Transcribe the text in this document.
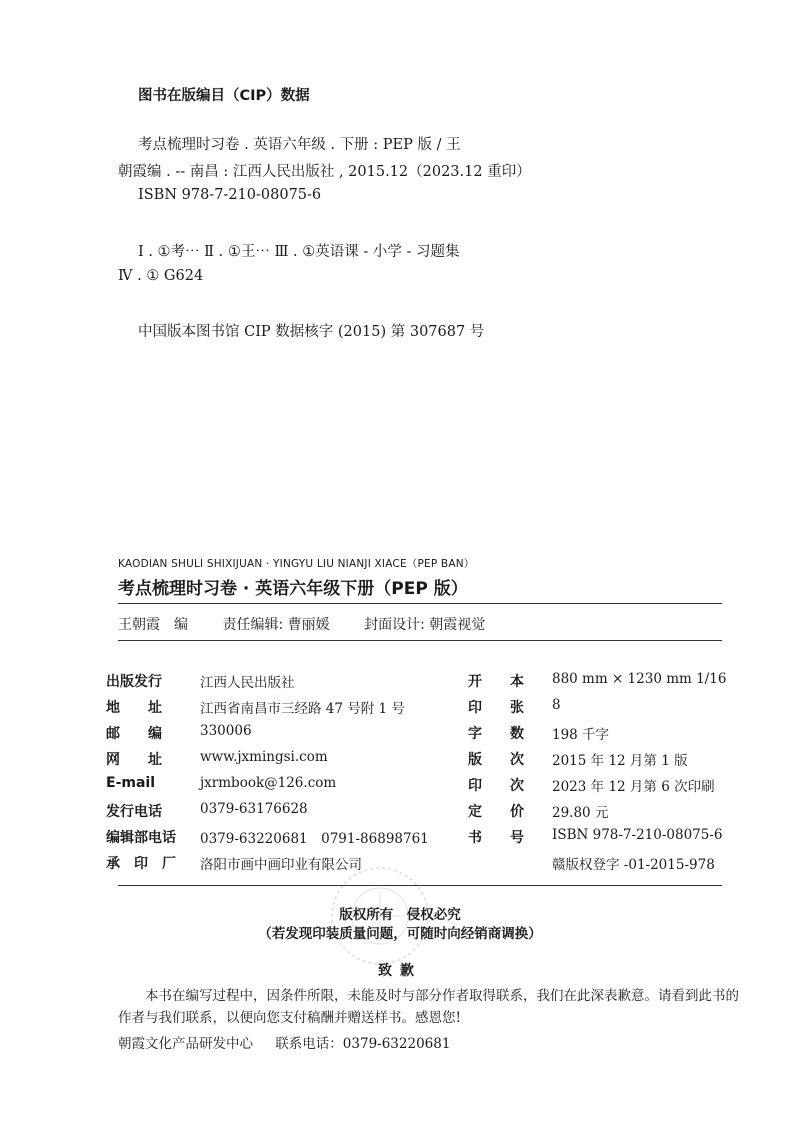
图书在版编目（CIP）数据
考点梳理时习卷 . 英语六年级 . 下册 : PEP 版 / 王
朝霞编 . -- 南昌 : 江西人民出版社 , 2015.12（2023.12 重印）
ISBN 978-7-210-08075-6
Ⅰ . ①考⋯ Ⅱ . ①王⋯ Ⅲ . ①英语课 - 小学 - 习题集
Ⅳ . ① G624
中国版本图书馆 CIP 数据核字 (2015) 第 307687 号
KAODIAN SHULI SHIXIJUAN · YINGYU LIU NIANJI XIACE（PEP BAN）
考点梳理时习卷 · 英语六年级下册（PEP 版）
王朝霞　编 责任编辑: 曹丽媛 封面设计: 朝霞视觉
出版发行	江西人民出版社	开　　本 880 mm × 1230 mm 1/16
地　　址	江西省南昌市三经路 47 号附 1 号	印　　张 8
邮　　编	330006	字　　数 198 千字
网　　址	www.jxmingsi.com	版　　次 2015 年 12 月第 1 版
E-mail	jxrmbook@126.com	印　　次 2023 年 12 月第 6 次印刷
发行电话	0379-63176628	定　　价 29.80 元
编辑部电话	0379-63220681　0791-86898761	书　　号 ISBN 978-7-210-08075-6
承　印　厂	洛阳市画中画印业有限公司	赣版权登字 -01-2015-978
版权所有　侵权必究
（若发现印装质量问题，可随时向经销商调换）
致歉
本书在编写过程中，因条件所限，未能及时与部分作者取得联系，我们在此深表歉意。请看到此书的作者与我们联系，以便向您支付稿酬并赠送样书。感恩您!
朝霞文化产品研发中心 联系电话：0379-63220681
